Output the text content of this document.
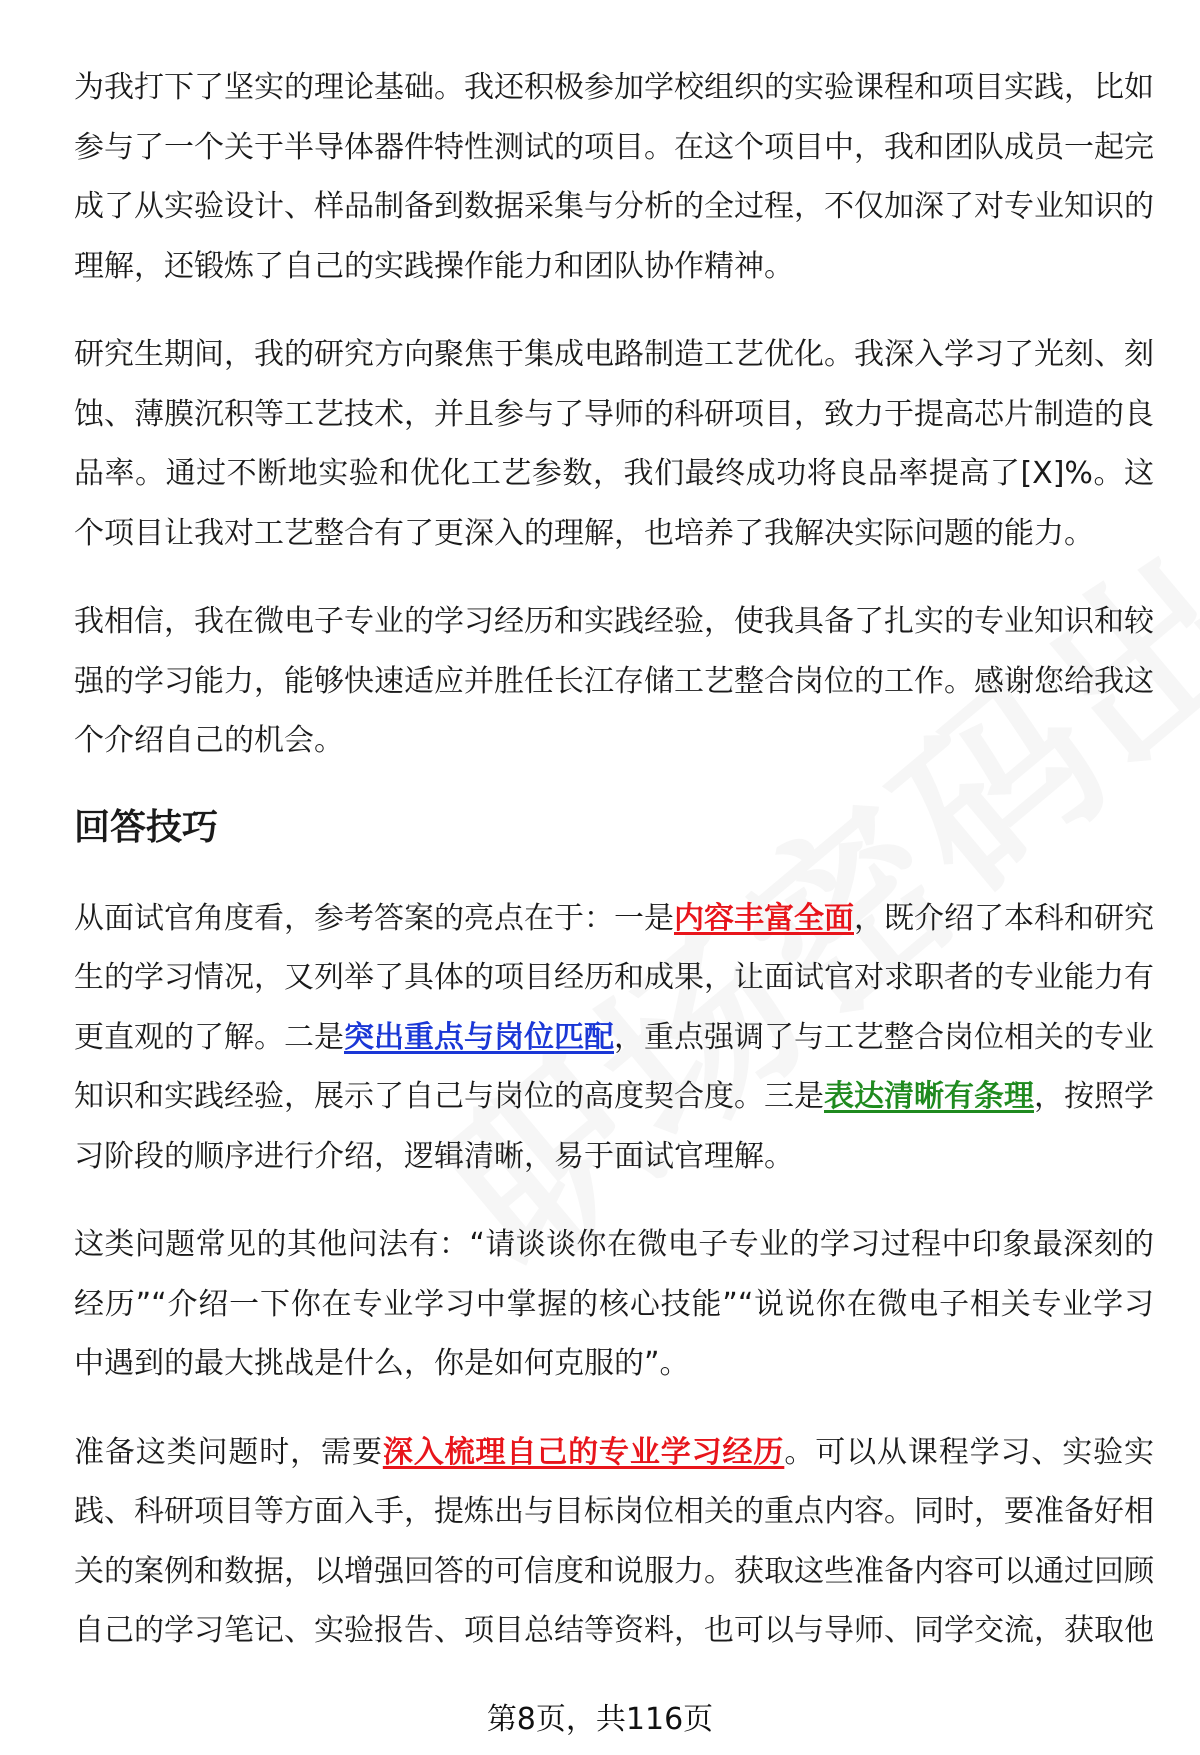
为我打下了坚实的理论基础。我还积极参加学校组织的实验课程和项目实践，比如参与了一个关于半导体器件特性测试的项目。在这个项目中，我和团队成员一起完成了从实验设计、样品制备到数据采集与分析的全过程，不仅加深了对专业知识的理解，还锻炼了自己的实践操作能力和团队协作精神。

研究生期间，我的研究方向聚焦于集成电路制造工艺优化。我深入学习了光刻、刻蚀、薄膜沉积等工艺技术，并且参与了导师的科研项目，致力于提高芯片制造的良品率。通过不断地实验和优化工艺参数，我们最终成功将良品率提高了[X]%。这个项目让我对工艺整合有了更深入的理解，也培养了我解决实际问题的能力。

我相信，我在微电子专业的学习经历和实践经验，使我具备了扎实的专业知识和较强的学习能力，能够快速适应并胜任长江存储工艺整合岗位的工作。感谢您给我这个介绍自己的机会。

回答技巧

从面试官角度看，参考答案的亮点在于：一是内容丰富全面，既介绍了本科和研究生的学习情况，又列举了具体的项目经历和成果，让面试官对求职者的专业能力有更直观的了解。二是突出重点与岗位匹配，重点强调了与工艺整合岗位相关的专业知识和实践经验，展示了自己与岗位的高度契合度。三是表达清晰有条理，按照学习阶段的顺序进行介绍，逻辑清晰，易于面试官理解。

这类问题常见的其他问法有：“请谈谈你在微电子专业的学习过程中印象最深刻的经历”“介绍一下你在专业学习中掌握的核心技能”“说说你在微电子相关专业学习中遇到的最大挑战是什么，你是如何克服的”。

准备这类问题时，需要深入梳理自己的专业学习经历。可以从课程学习、实验实践、科研项目等方面入手，提炼出与目标岗位相关的重点内容。同时，要准备好相关的案例和数据，以增强回答的可信度和说服力。获取这些准备内容可以通过回顾自己的学习笔记、实验报告、项目总结等资料，也可以与导师、同学交流，获取他

第8页，共116页
